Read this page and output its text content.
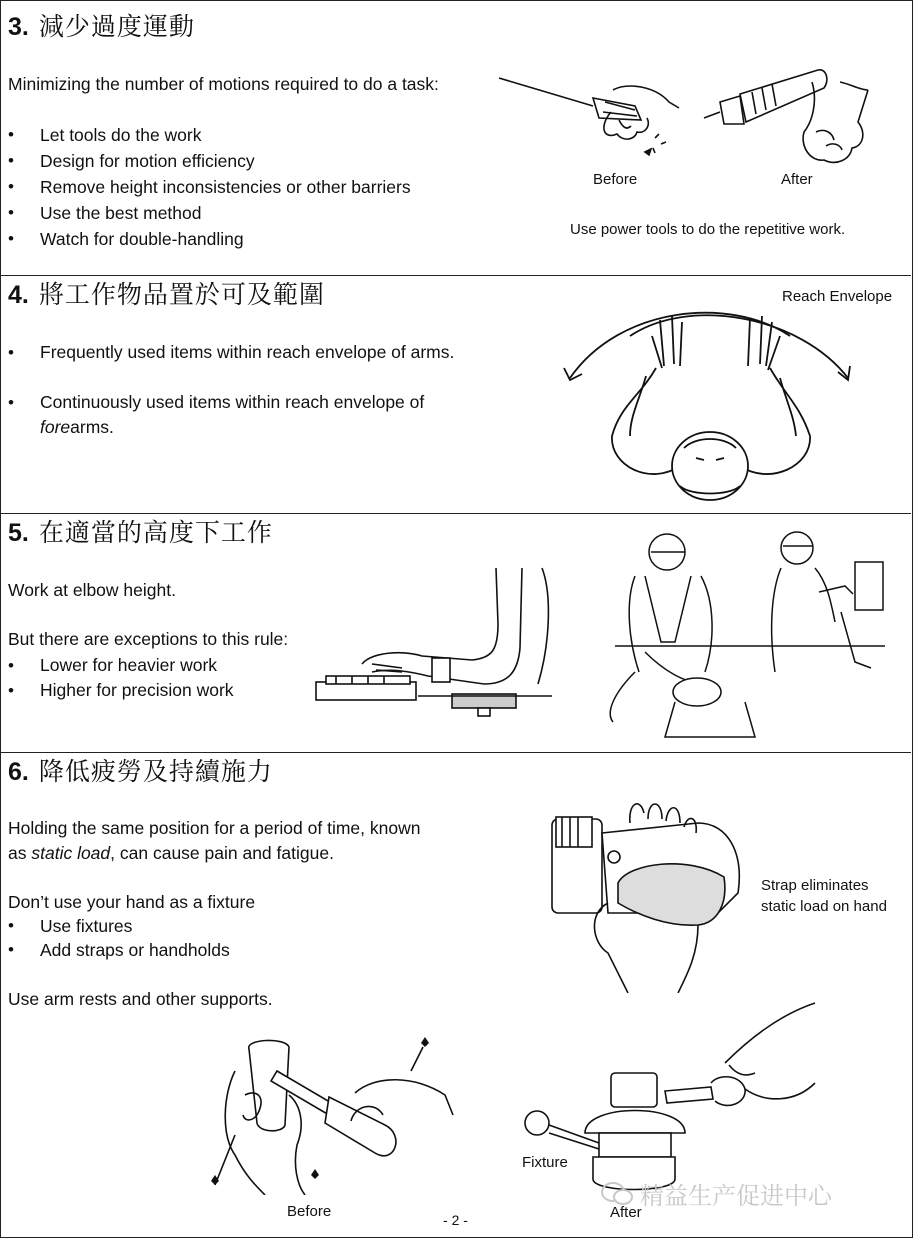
3. 減少過度運動
Minimizing the number of motions required to do a task:
• Let tools do the work
• Design for motion efficiency
• Remove height inconsistencies or other barriers
• Use the best method
• Watch for double-handling
Before	After
Use power tools to do the repetitive work.
4. 將工作物品置於可及範圍
• Frequently used items within reach envelope of arms.
• Continuously used items within reach envelope of
forearms.
Reach Envelope
5. 在適當的高度下工作
Work at elbow height.
But there are exceptions to this rule:
• Lower for heavier work
• Higher for precision work
6. 降低疲勞及持續施力
Holding the same position for a period of time, known
as static load, can cause pain and fatigue.
Don’t use your hand as a fixture
• Use fixtures
• Add straps or handholds
Use arm rests and other supports.
Strap eliminates
static load on hand
Before
Fixture
After
- 2 -
精益生产促进中心
